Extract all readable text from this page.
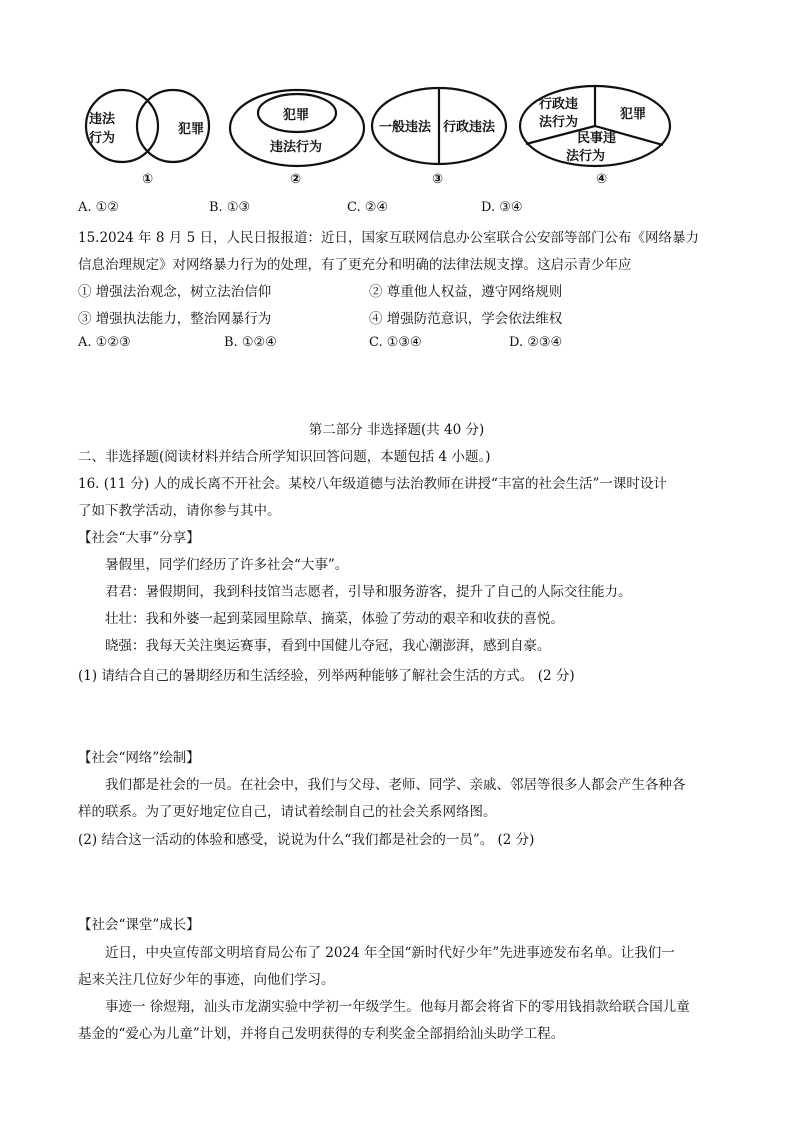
违法
行为
犯罪
①
犯罪
违法行为
②
一般违法 行政违法
③
行政违
法行为
犯罪
民事违
法行为
④
A. ①②	B. ①③	C. ②④	D. ③④
15.2024 年 8 月 5 日，人民日报报道：近日，国家互联网信息办公室联合公安部等部门公布《网络暴力
信息治理规定》对网络暴力行为的处理，有了更充分和明确的法律法规支撑。这启示青少年应
① 增强法治观念，树立法治信仰	② 尊重他人权益，遵守网络规则
③ 增强执法能力，整治网暴行为	④ 增强防范意识，学会依法维权
A. ①②③	B. ①②④	C. ①③④	D. ②③④
第二部分 非选择题(共 40 分)
二、非选择题(阅读材料并结合所学知识回答问题，本题包括 4 小题。)
16. (11 分) 人的成长离不开社会。某校八年级道德与法治教师在讲授“丰富的社会生活”一课时设计
了如下教学活动，请你参与其中。
【社会“大事”分享】
暑假里，同学们经历了许多社会“大事”。
君君：暑假期间，我到科技馆当志愿者，引导和服务游客，提升了自己的人际交往能力。
壮壮：我和外婆一起到菜园里除草、摘菜，体验了劳动的艰辛和收获的喜悦。
晓强：我每天关注奥运赛事，看到中国健儿夺冠，我心潮澎湃，感到自豪。
(1) 请结合自己的暑期经历和生活经验，列举两种能够了解社会生活的方式。 (2 分)
【社会“网络”绘制】
我们都是社会的一员。在社会中，我们与父母、老师、同学、亲戚、邻居等很多人都会产生各种各
样的联系。为了更好地定位自己，请试着绘制自己的社会关系网络图。
(2) 结合这一活动的体验和感受，说说为什么“我们都是社会的一员”。 (2 分)
【社会“课堂”成长】
近日，中央宣传部文明培育局公布了 2024 年全国“新时代好少年”先进事迹发布名单。让我们一
起来关注几位好少年的事迹，向他们学习。
事迹一 徐煜翔，汕头市龙湖实验中学初一年级学生。他每月都会将省下的零用钱捐款给联合国儿童
基金的“爱心为儿童”计划，并将自己发明获得的专利奖金全部捐给汕头助学工程。
